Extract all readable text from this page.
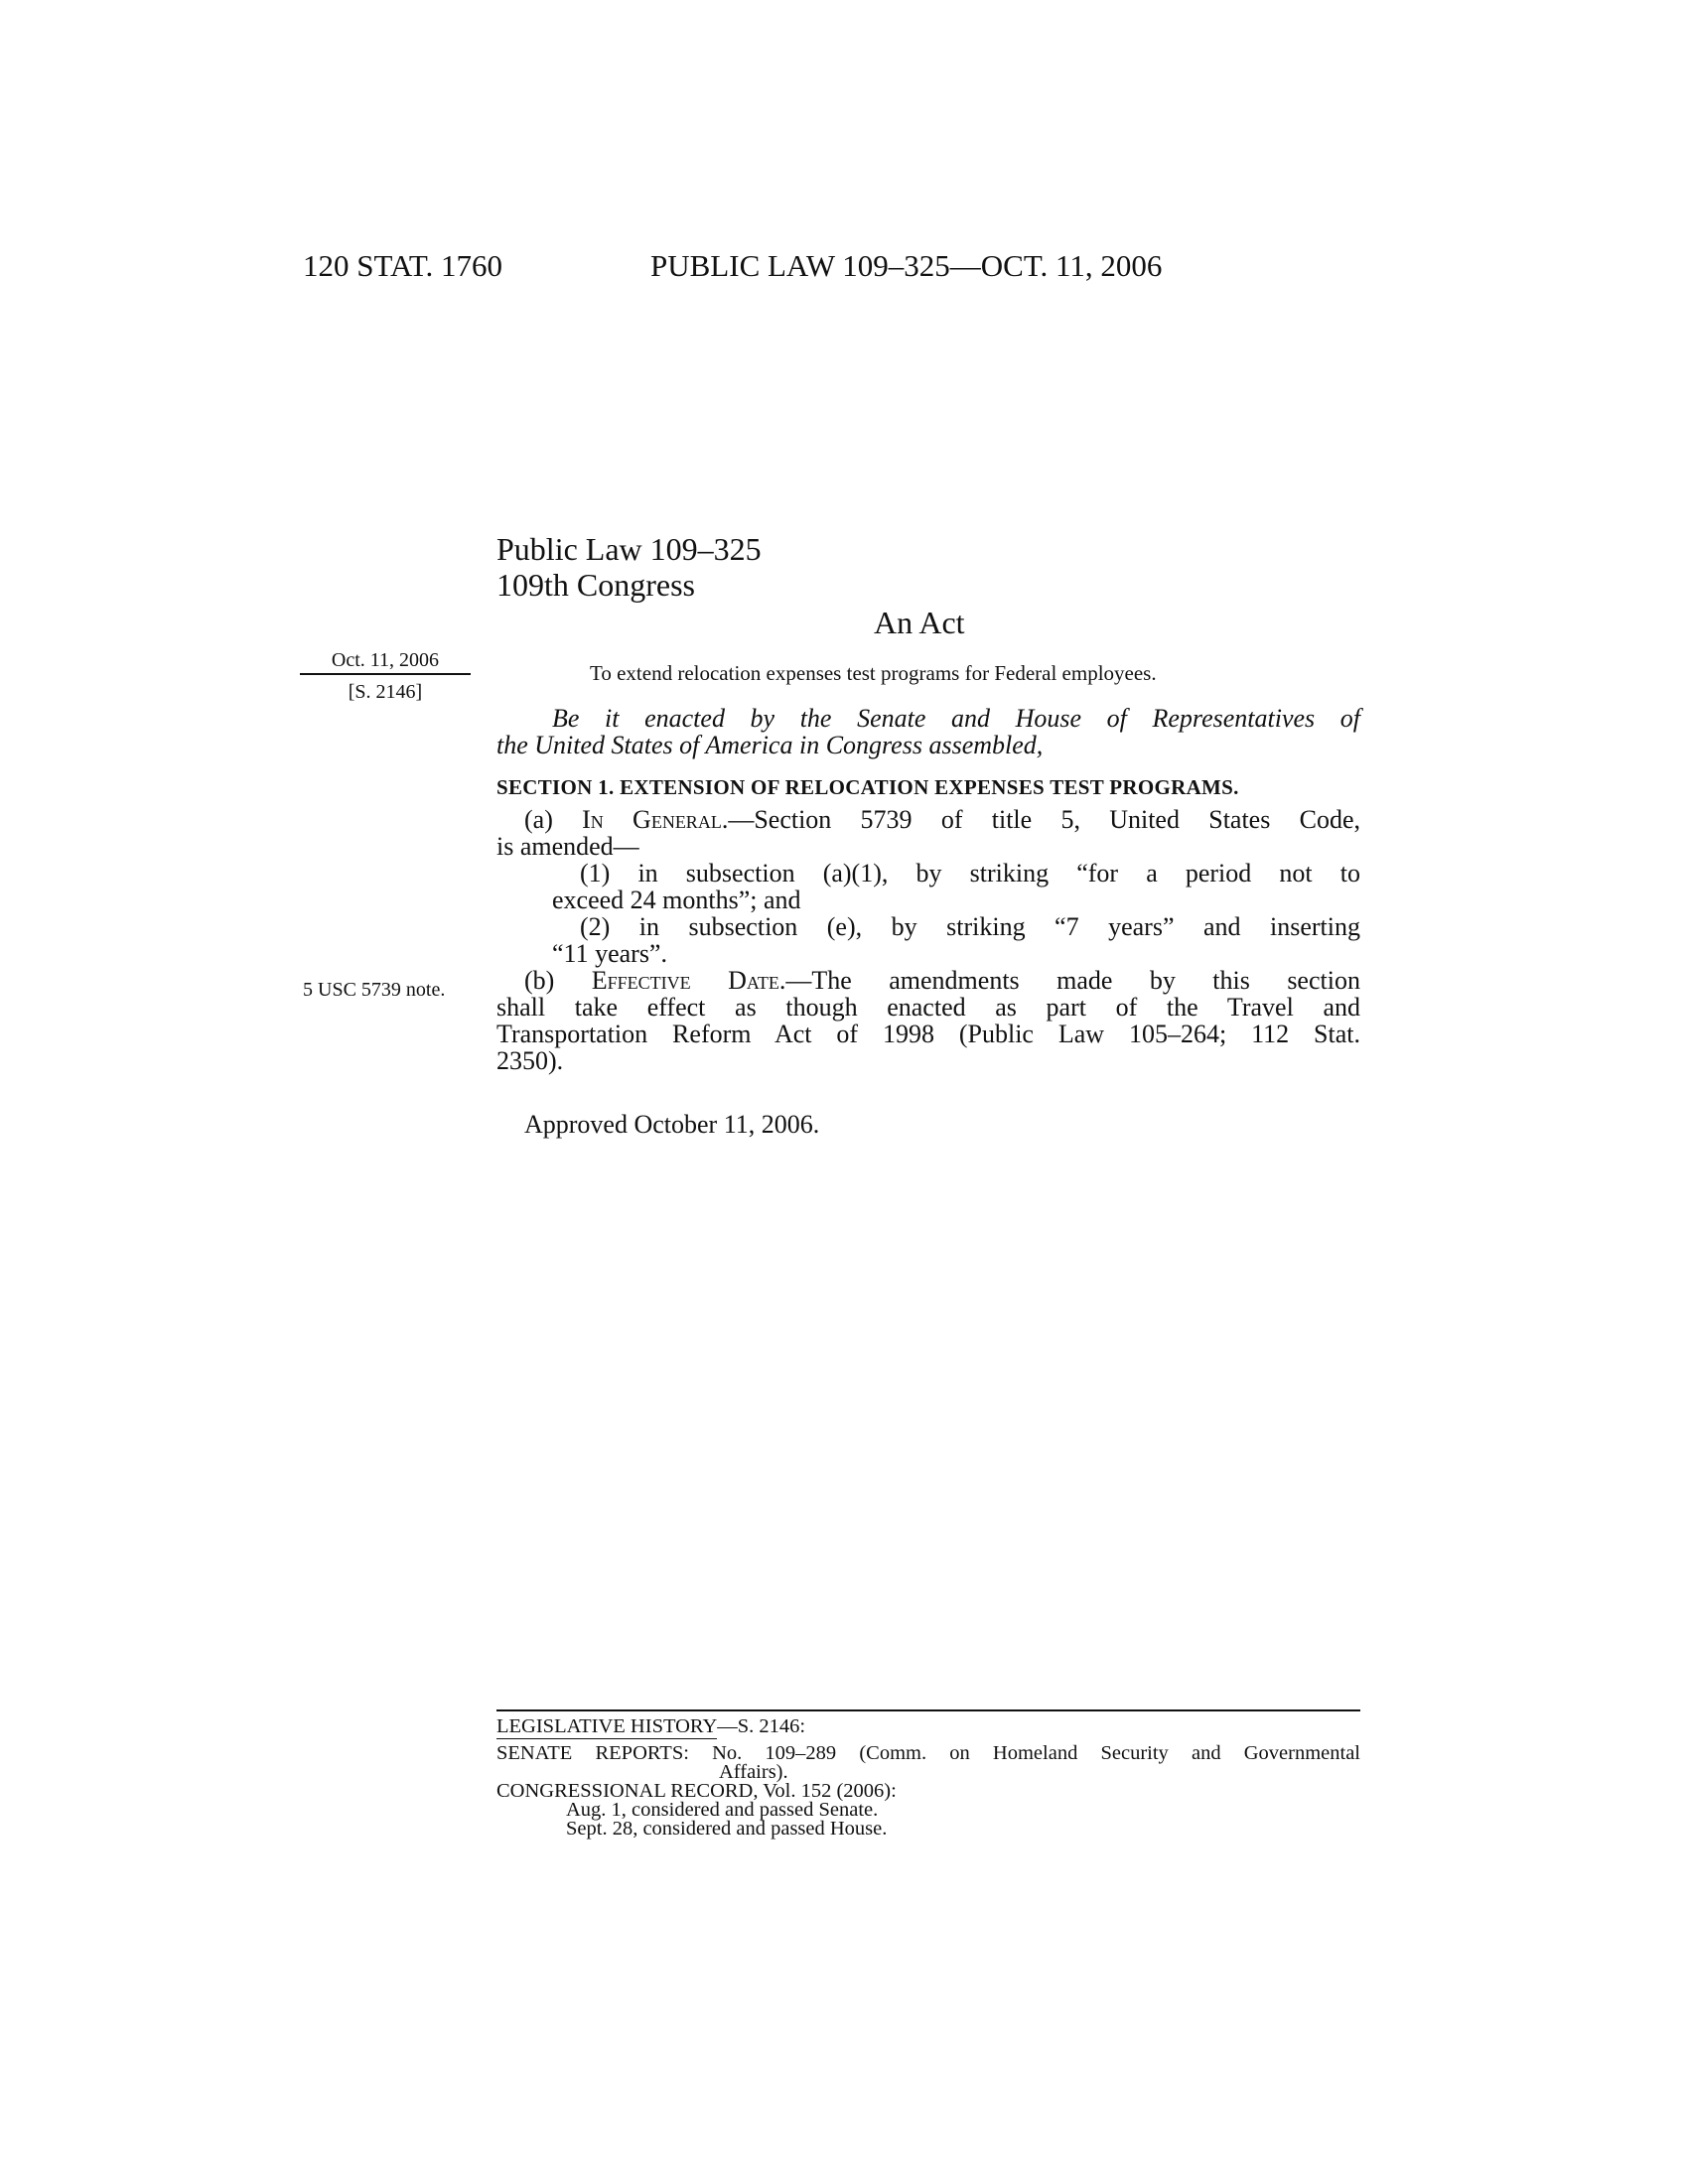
120 STAT. 1760	PUBLIC LAW 109–325—OCT. 11, 2006
Public Law 109–325
109th Congress
An Act
Oct. 11, 2006
[S. 2146]
5 USC 5739 note.
To extend relocation expenses test programs for Federal employees.
Be it enacted by the Senate and House of Representatives of
the United States of America in Congress assembled,
SECTION 1. EXTENSION OF RELOCATION EXPENSES TEST PROGRAMS.
(a) In General.—Section 5739 of title 5, United States Code,
is amended—
(1) in subsection (a)(1), by striking “for a period not to
exceed 24 months”; and
(2) in subsection (e), by striking “7 years” and inserting
“11 years”.
(b) Effective Date.—The amendments made by this section
shall take effect as though enacted as part of the Travel and
Transportation Reform Act of 1998 (Public Law 105–264; 112 Stat.
2350).
Approved October 11, 2006.
LEGISLATIVE HISTORY—S. 2146:
SENATE REPORTS: No. 109–289 (Comm. on Homeland Security and Governmental
Affairs).
CONGRESSIONAL RECORD, Vol. 152 (2006):
Aug. 1, considered and passed Senate.
Sept. 28, considered and passed House.
